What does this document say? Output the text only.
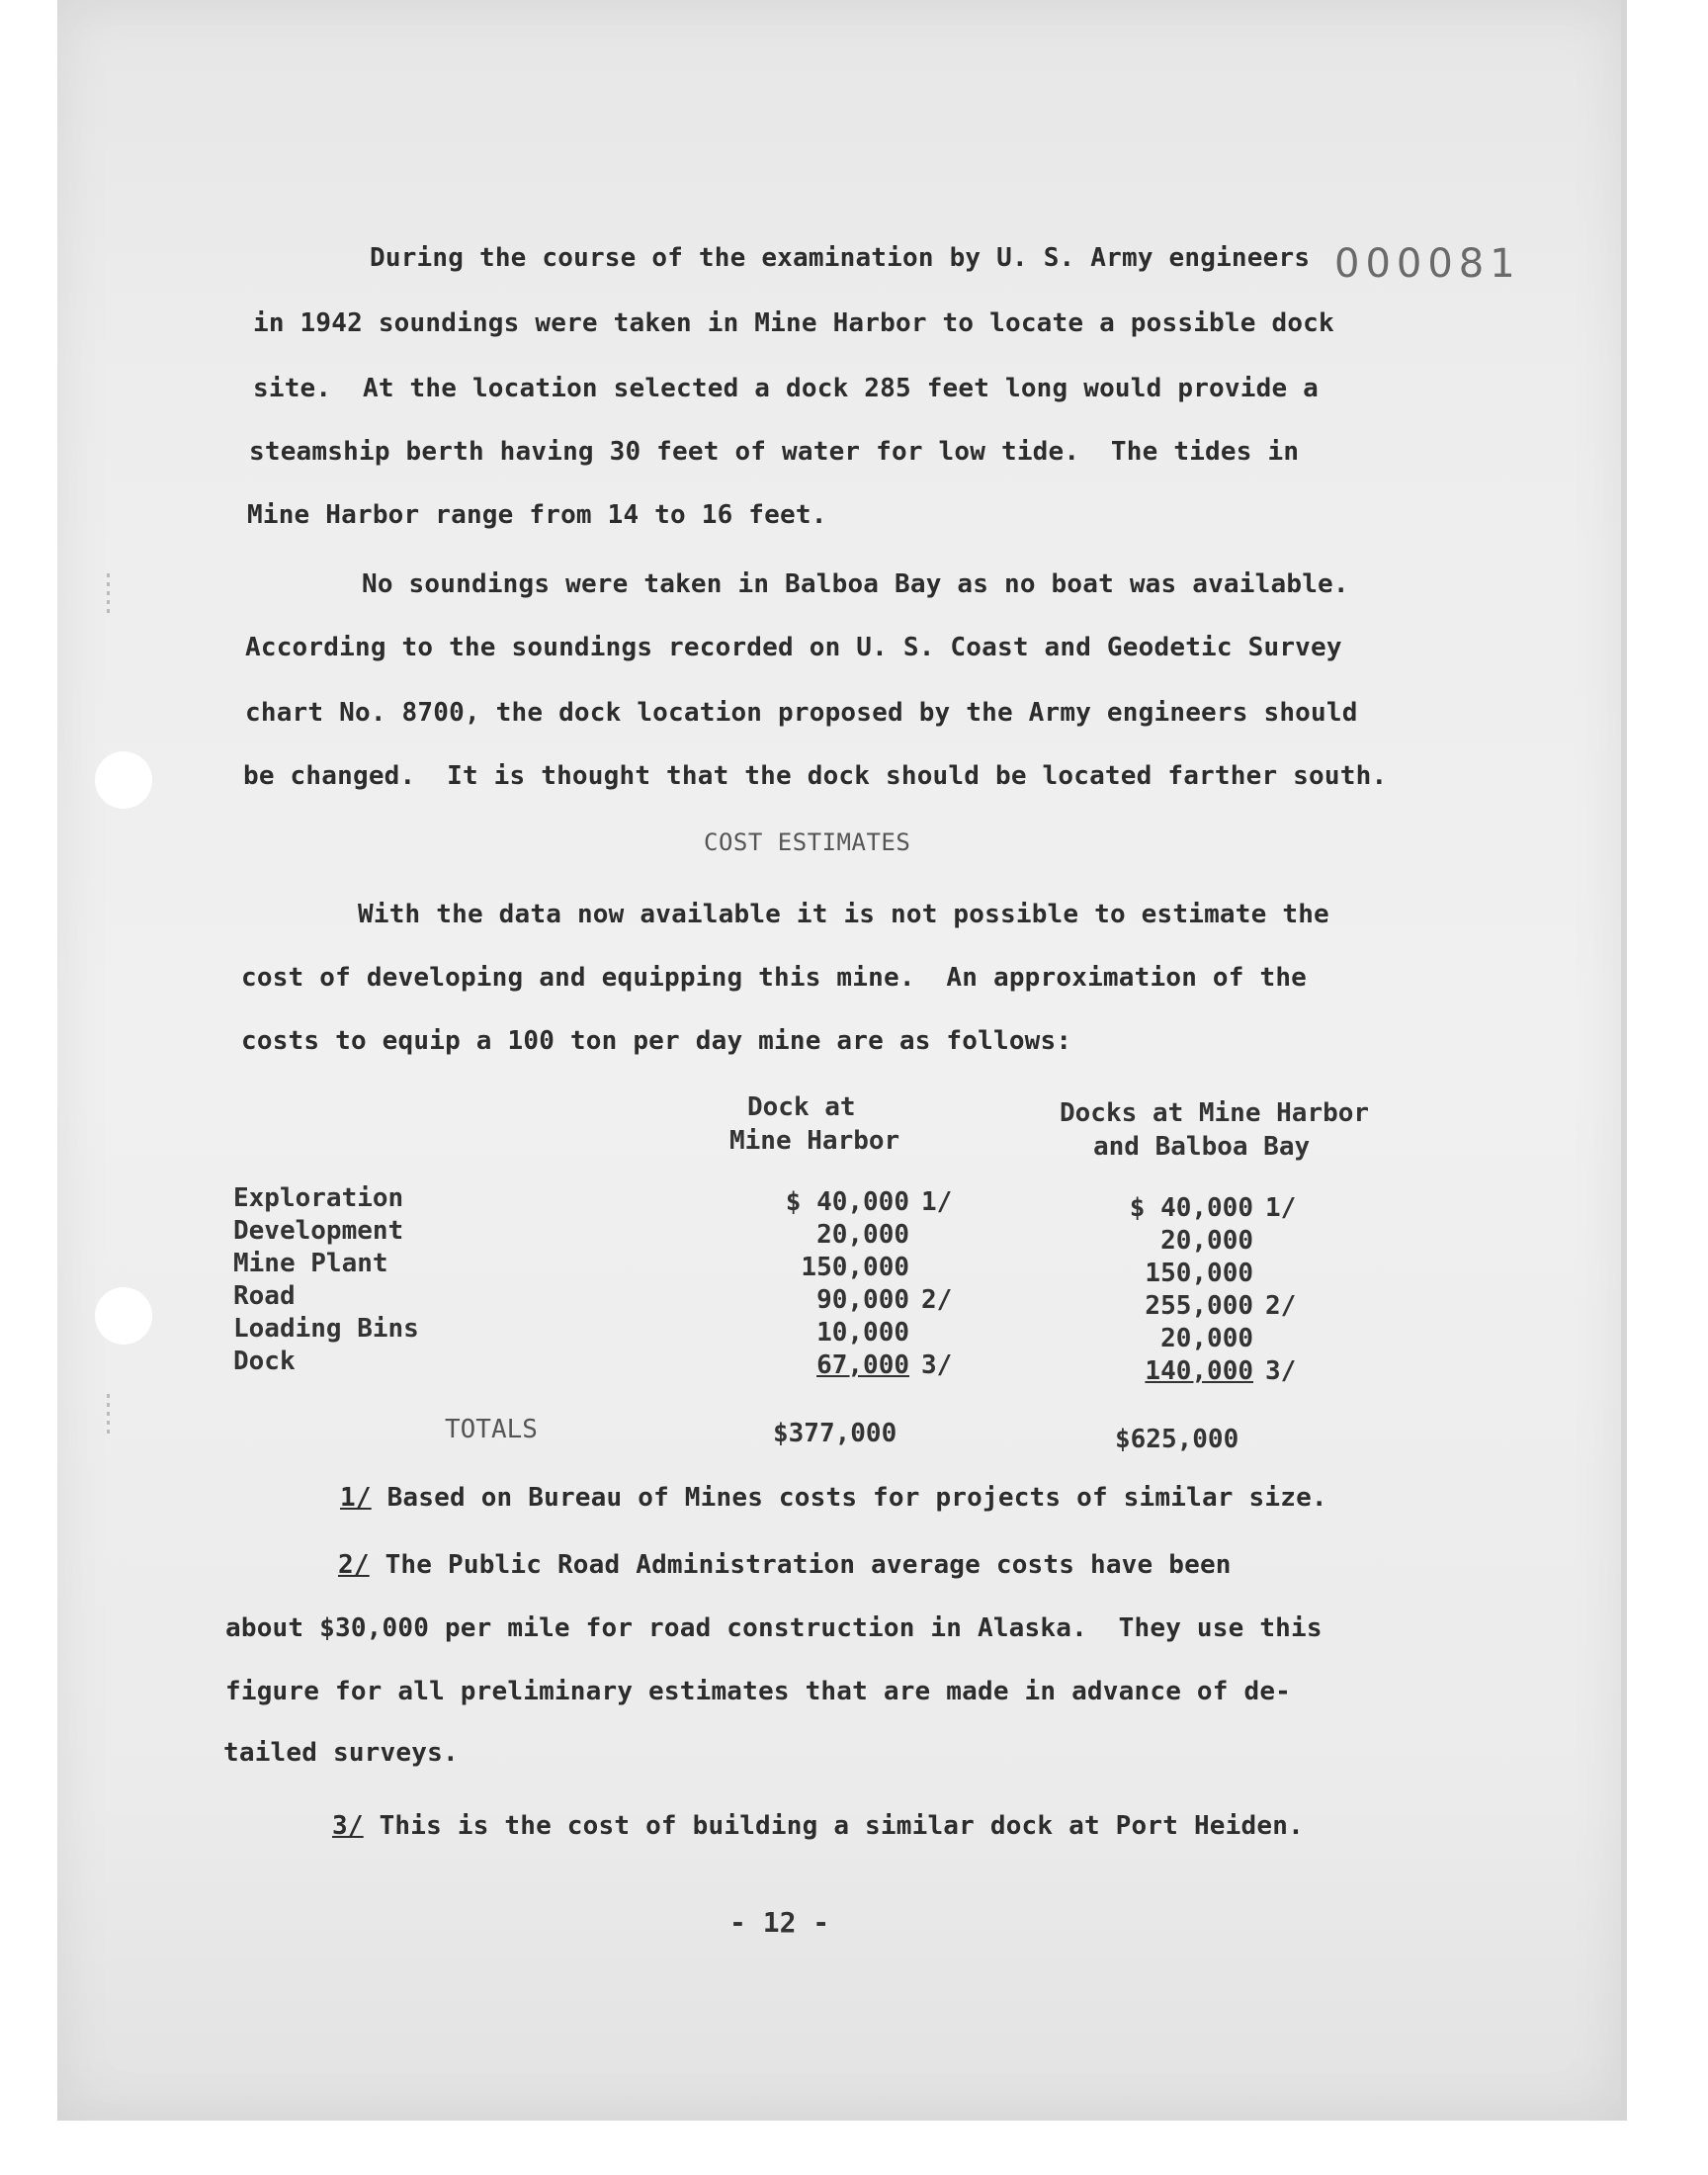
000081
During the course of the examination by U. S. Army engineers
in 1942 soundings were taken in Mine Harbor to locate a possible dock
site.  At the location selected a dock 285 feet long would provide a
steamship berth having 30 feet of water for low tide.  The tides in
Mine Harbor range from 14 to 16 feet.
No soundings were taken in Balboa Bay as no boat was available.
According to the soundings recorded on U. S. Coast and Geodetic Survey
chart No. 8700, the dock location proposed by the Army engineers should
be changed.  It is thought that the dock should be located farther south.
COST ESTIMATES
With the data now available it is not possible to estimate the
cost of developing and equipping this mine.  An approximation of the
costs to equip a 100 ton per day mine are as follows:
Dock at
Mine Harbor
Docks at Mine Harbor
and Balboa Bay
Exploration
Development
Mine Plant
Road
Loading Bins
Dock
$ 40,000
20,000
150,000
90,000
10,000
67,000
1/
2/
3/
$ 40,000
20,000
150,000
255,000
20,000
140,000
1/
2/
3/
TOTALS	$377,000	$625,000
1/ Based on Bureau of Mines costs for projects of similar size.
2/ The Public Road Administration average costs have been
about $30,000 per mile for road construction in Alaska.  They use this
figure for all preliminary estimates that are made in advance of de-
tailed surveys.
3/ This is the cost of building a similar dock at Port Heiden.
- 12 -
